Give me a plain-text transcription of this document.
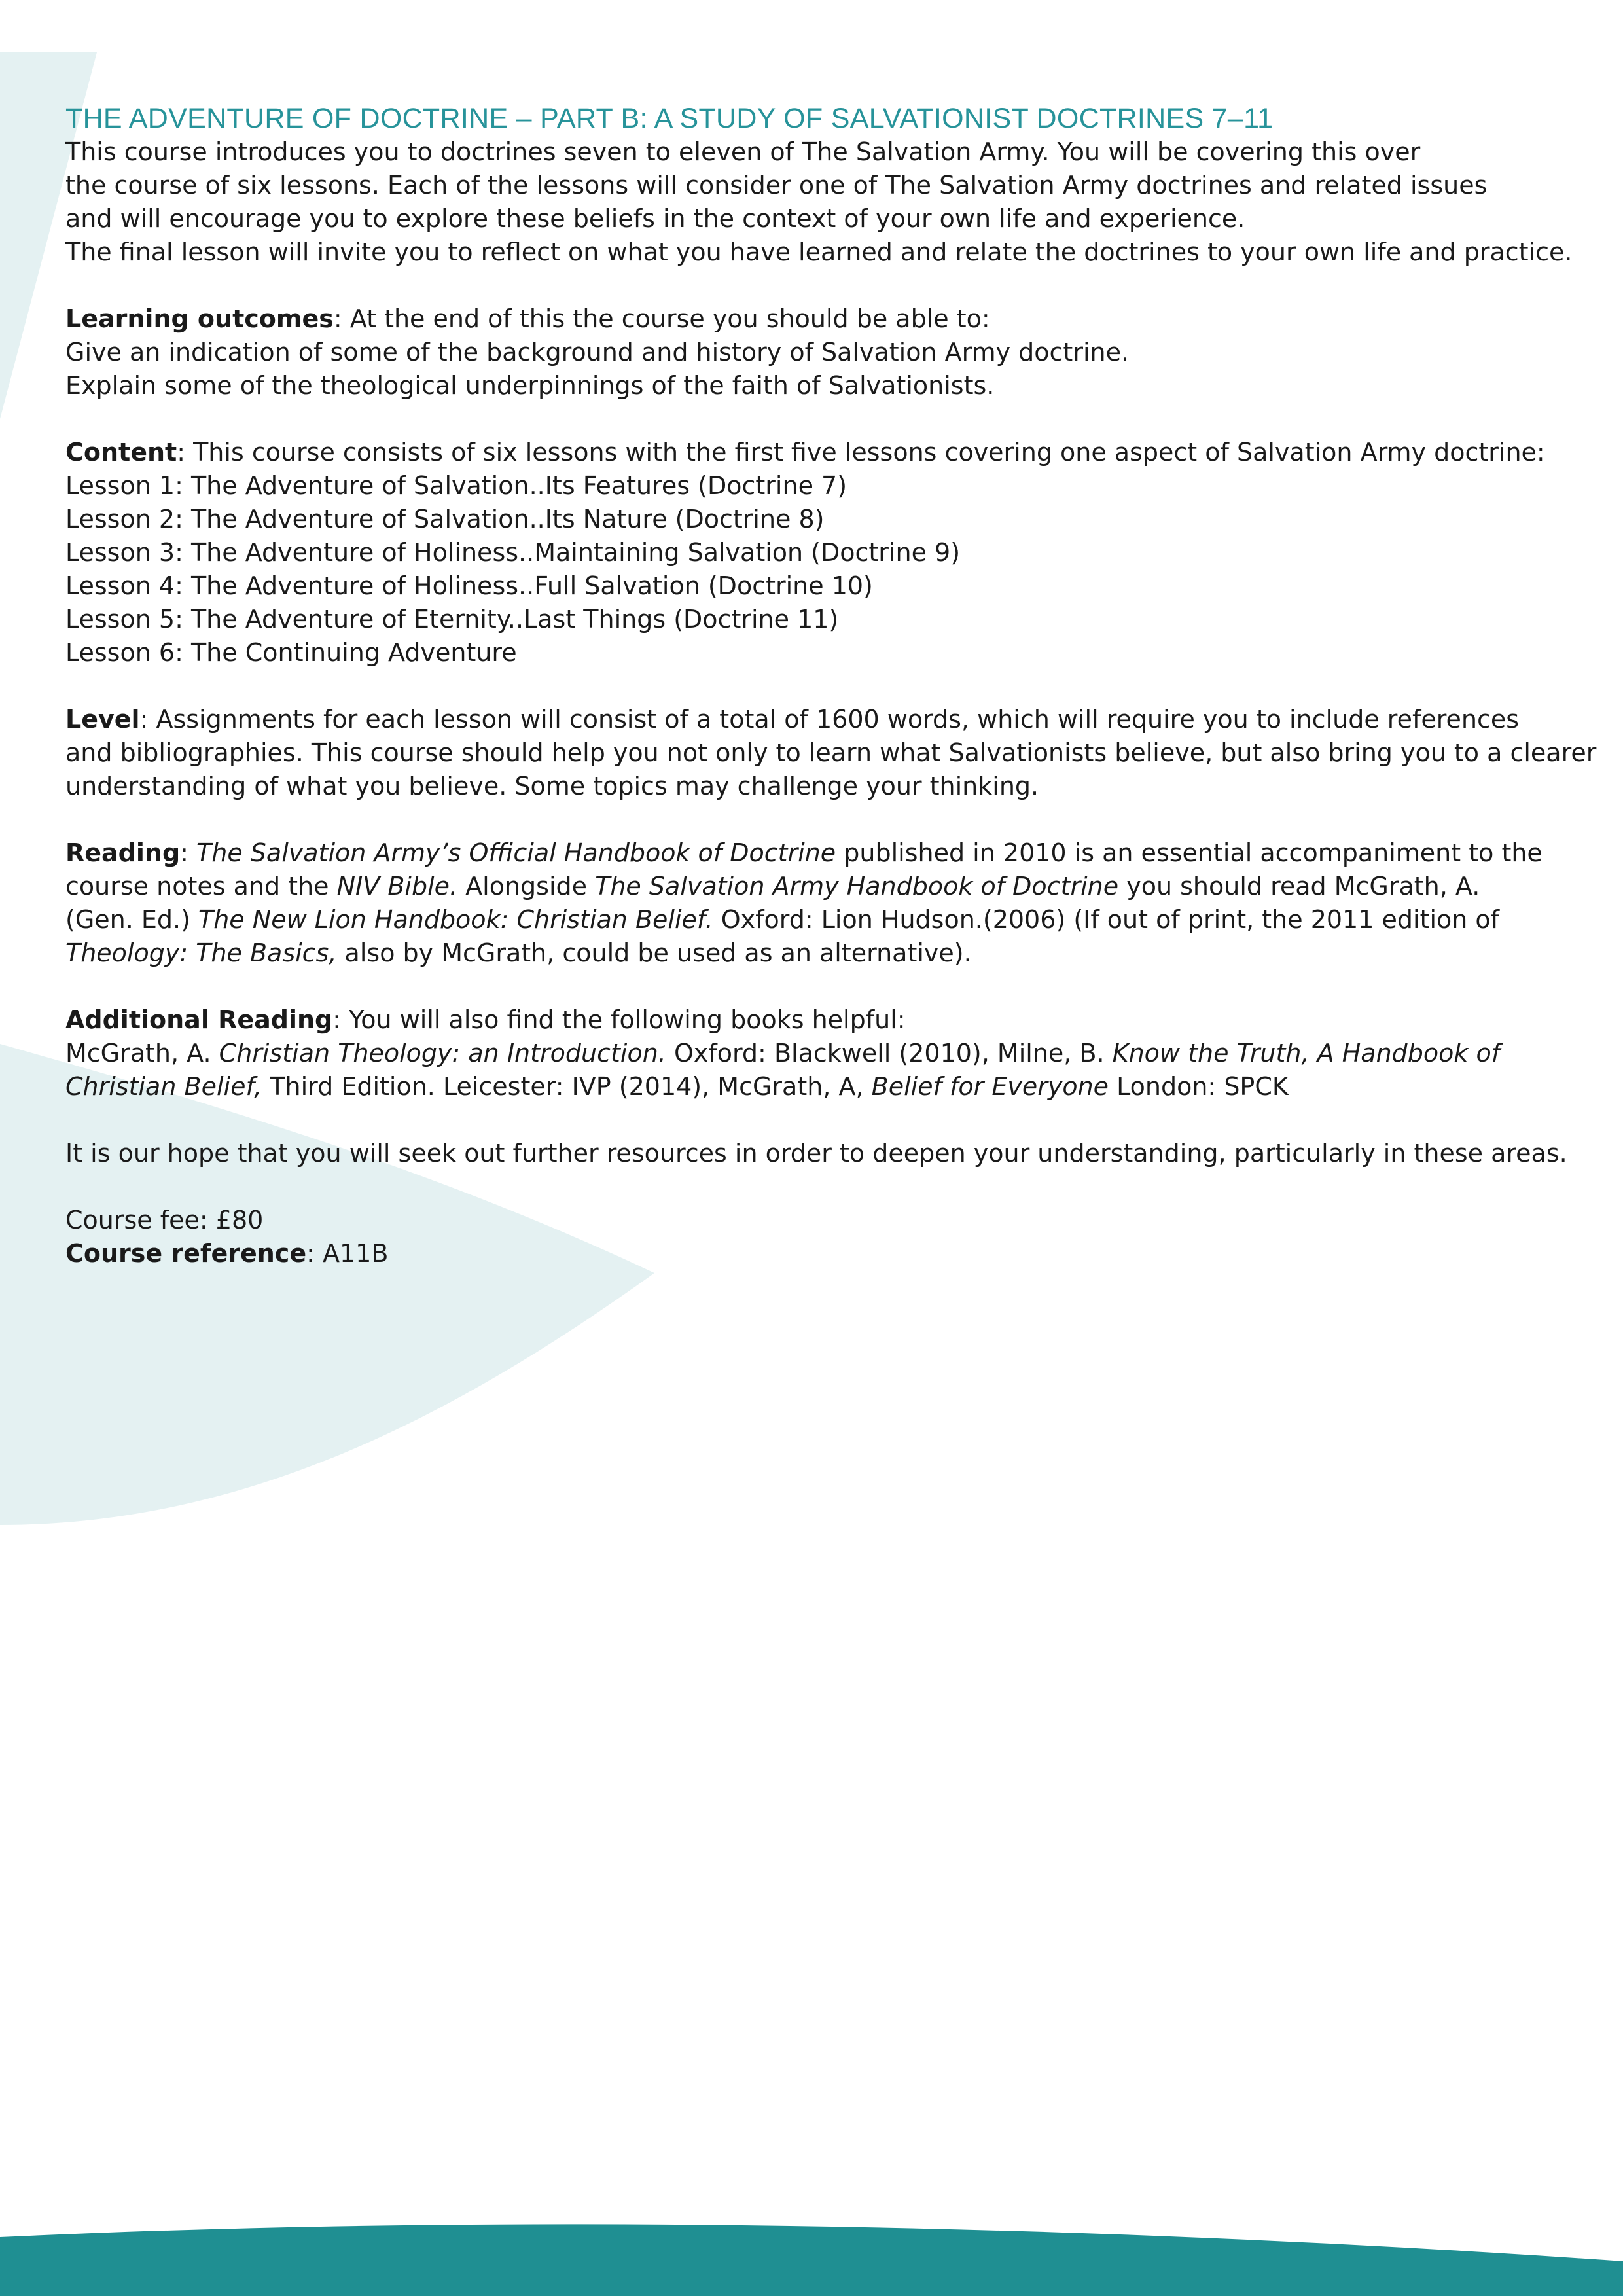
THE ADVENTURE OF DOCTRINE – PART B: A STUDY OF SALVATIONIST DOCTRINES 7–11
This course introduces you to doctrines seven to eleven of The Salvation Army. You will be covering this over
the course of six lessons. Each of the lessons will consider one of The Salvation Army doctrines and related issues
and will encourage you to explore these beliefs in the context of your own life and experience.
The final lesson will invite you to reflect on what you have learned and relate the doctrines to your own life and practice.
Learning outcomes: At the end of this the course you should be able to:
Give an indication of some of the background and history of Salvation Army doctrine.
Explain some of the theological underpinnings of the faith of Salvationists.
Content: This course consists of six lessons with the first five lessons covering one aspect of Salvation Army doctrine:
Lesson 1: The Adventure of Salvation..Its Features (Doctrine 7)
Lesson 2: The Adventure of Salvation..Its Nature (Doctrine 8)
Lesson 3: The Adventure of Holiness..Maintaining Salvation (Doctrine 9)
Lesson 4: The Adventure of Holiness..Full Salvation (Doctrine 10)
Lesson 5: The Adventure of Eternity..Last Things (Doctrine 11)
Lesson 6: The Continuing Adventure
Level: Assignments for each lesson will consist of a total of 1600 words, which will require you to include references
and bibliographies. This course should help you not only to learn what Salvationists believe, but also bring you to a clearer
understanding of what you believe. Some topics may challenge your thinking.
Reading: The Salvation Army’s Official Handbook of Doctrine published in 2010 is an essential accompaniment to the
course notes and the NIV Bible. Alongside The Salvation Army Handbook of Doctrine you should read McGrath, A.
(Gen. Ed.) The New Lion Handbook: Christian Belief. Oxford: Lion Hudson.(2006) (If out of print, the 2011 edition of
Theology: The Basics, also by McGrath, could be used as an alternative).
Additional Reading: You will also find the following books helpful:
McGrath, A. Christian Theology: an Introduction. Oxford: Blackwell (2010), Milne, B. Know the Truth, A Handbook of
Christian Belief, Third Edition. Leicester: IVP (2014), McGrath, A, Belief for Everyone London: SPCK
It is our hope that you will seek out further resources in order to deepen your understanding, particularly in these areas.
Course fee: £80
Course reference: A11B
